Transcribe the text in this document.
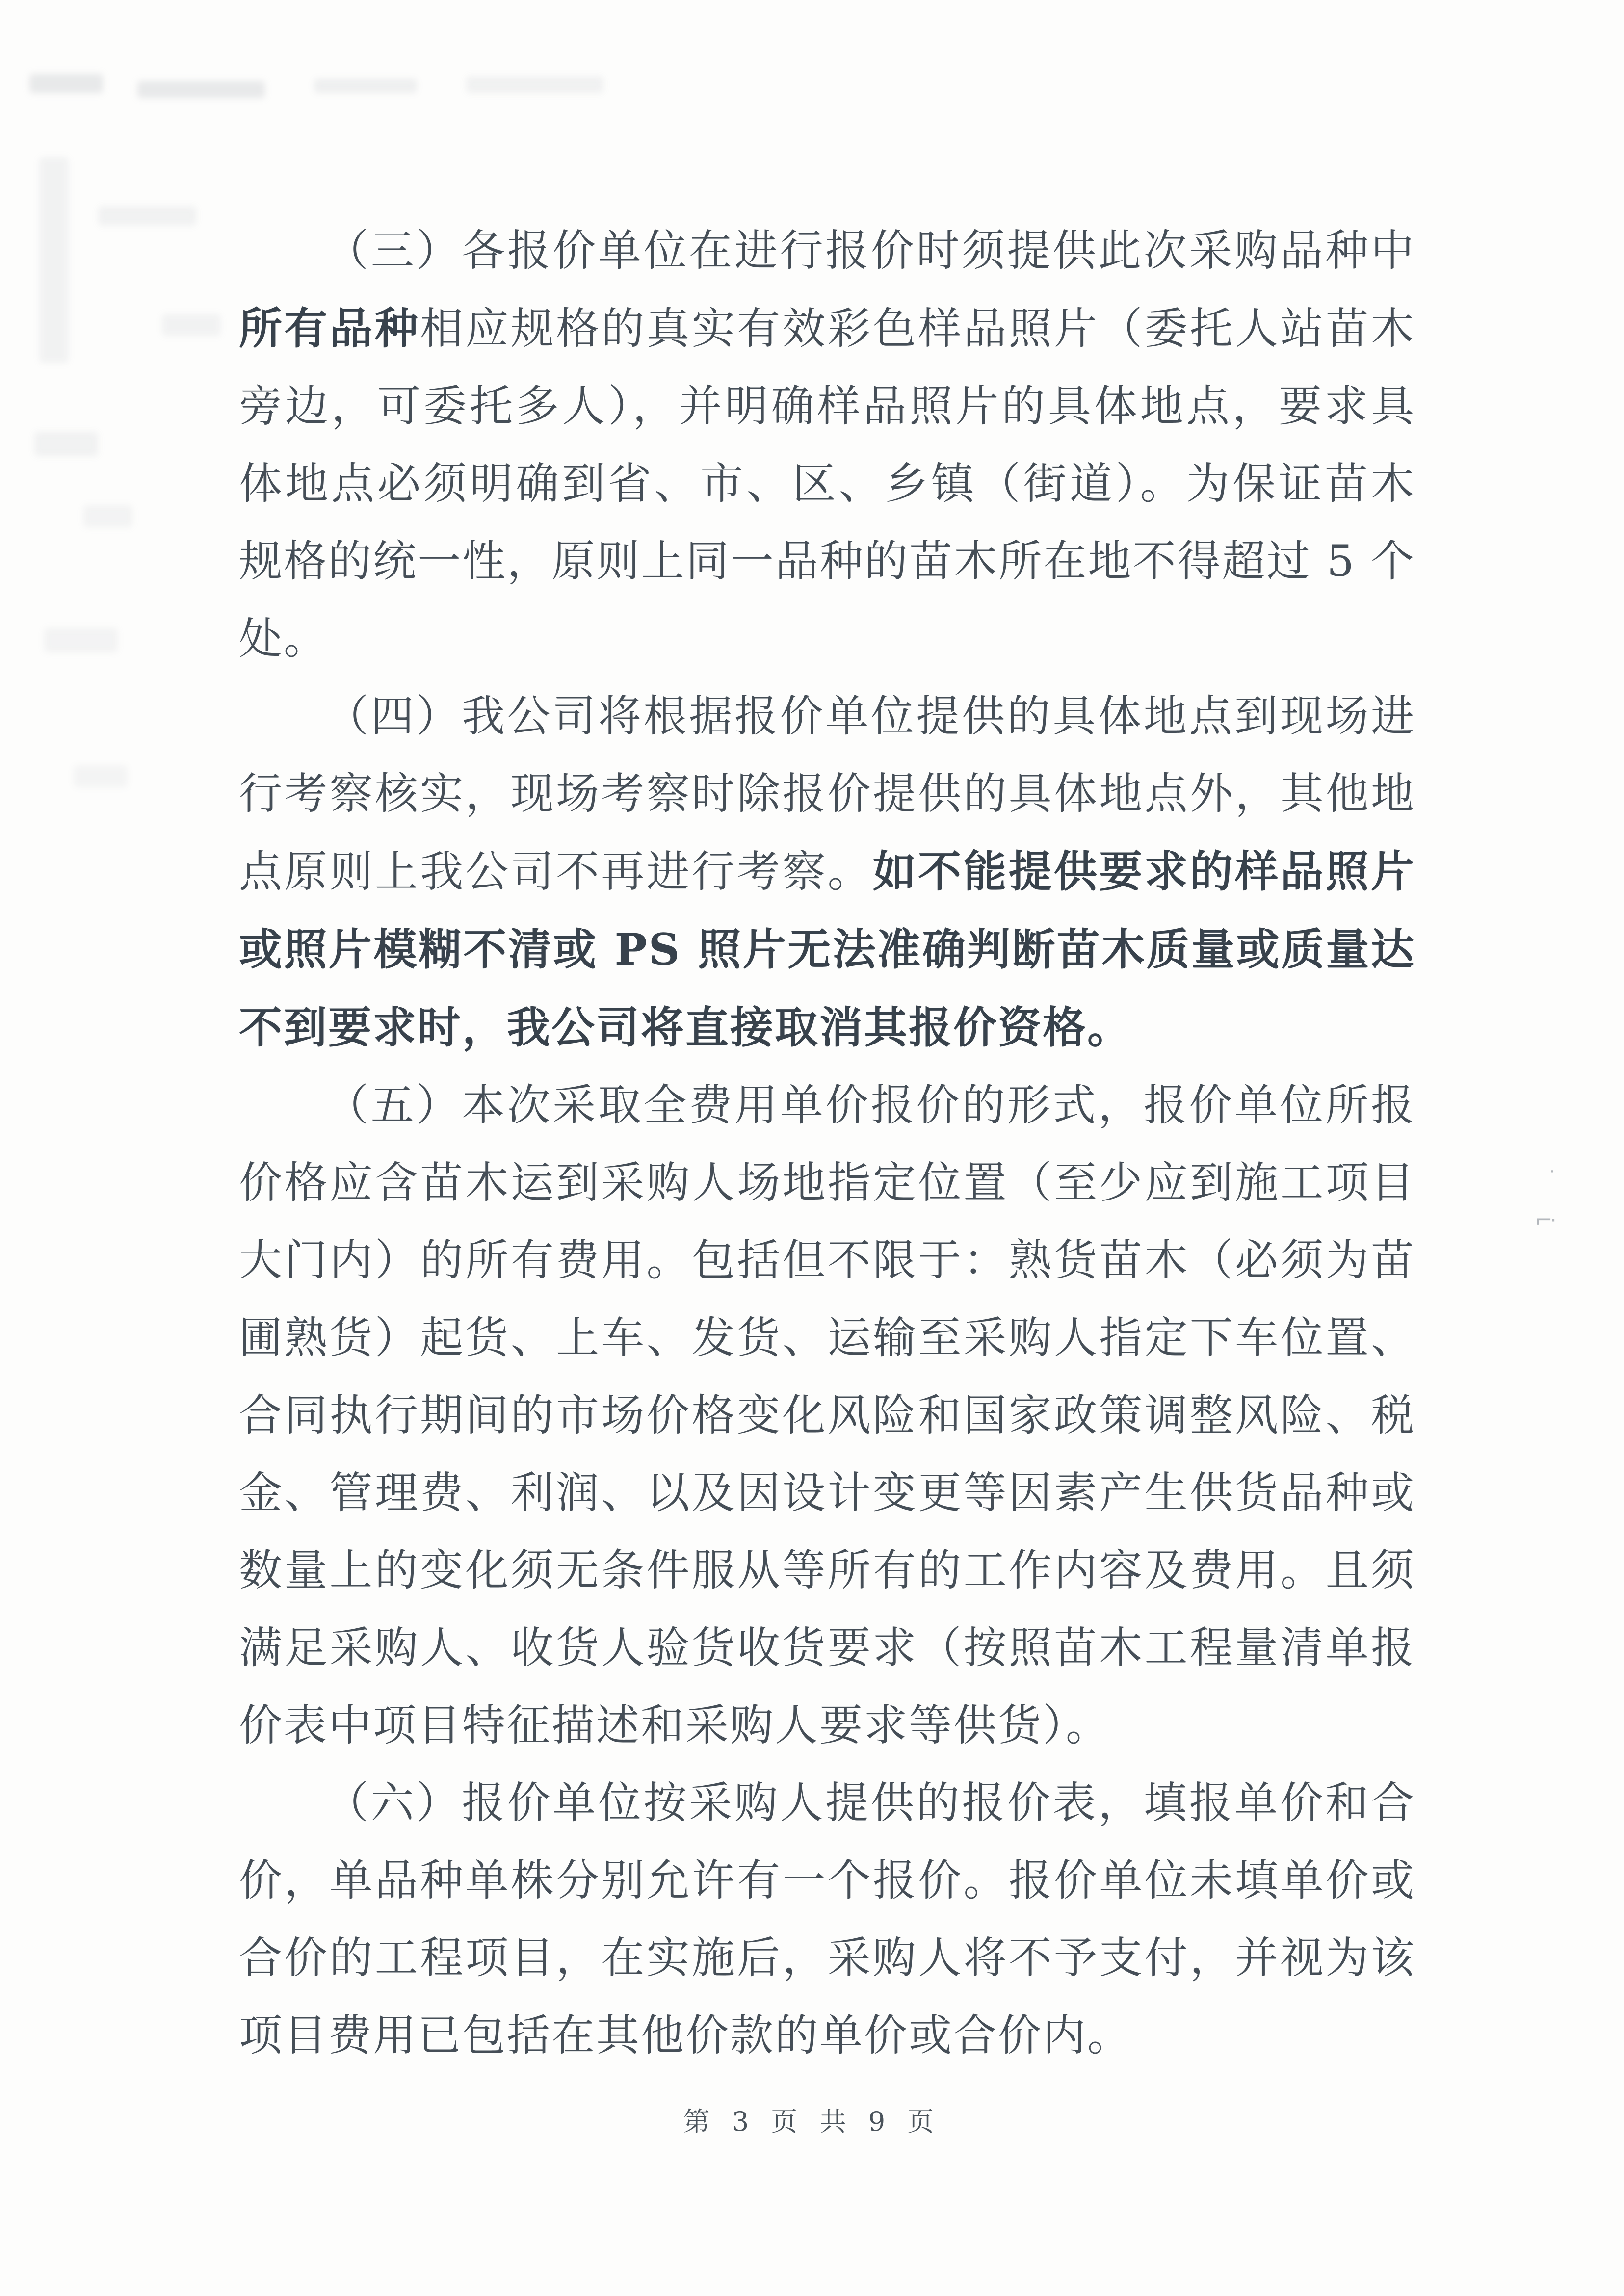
·
⌐·

（三）各报价单位在进行报价时须提供此次采购品种中所有品种相应规格的真实有效彩色样品照片（委托人站苗木旁边，可委托多人），并明确样品照片的具体地点，要求具体地点必须明确到省、市、区、乡镇（街道）。为保证苗木规格的统一性，原则上同一品种的苗木所在地不得超过 5 个处。

（四）我公司将根据报价单位提供的具体地点到现场进行考察核实，现场考察时除报价提供的具体地点外，其他地点原则上我公司不再进行考察。如不能提供要求的样品照片或照片模糊不清或 PS 照片无法准确判断苗木质量或质量达不到要求时，我公司将直接取消其报价资格。

（五）本次采取全费用单价报价的形式，报价单位所报价格应含苗木运到采购人场地指定位置（至少应到施工项目大门内）的所有费用。包括但不限于：熟货苗木（必须为苗圃熟货）起货、上车、发货、运输至采购人指定下车位置、合同执行期间的市场价格变化风险和国家政策调整风险、税金、管理费、利润、以及因设计变更等因素产生供货品种或数量上的变化须无条件服从等所有的工作内容及费用。且须满足采购人、收货人验货收货要求（按照苗木工程量清单报价表中项目特征描述和采购人要求等供货）。

（六）报价单位按采购人提供的报价表，填报单价和合价，单品种单株分别允许有一个报价。报价单位未填单价或合价的工程项目，在实施后，采购人将不予支付，并视为该项目费用已包括在其他价款的单价或合价内。

第 3 页 共 9 页
